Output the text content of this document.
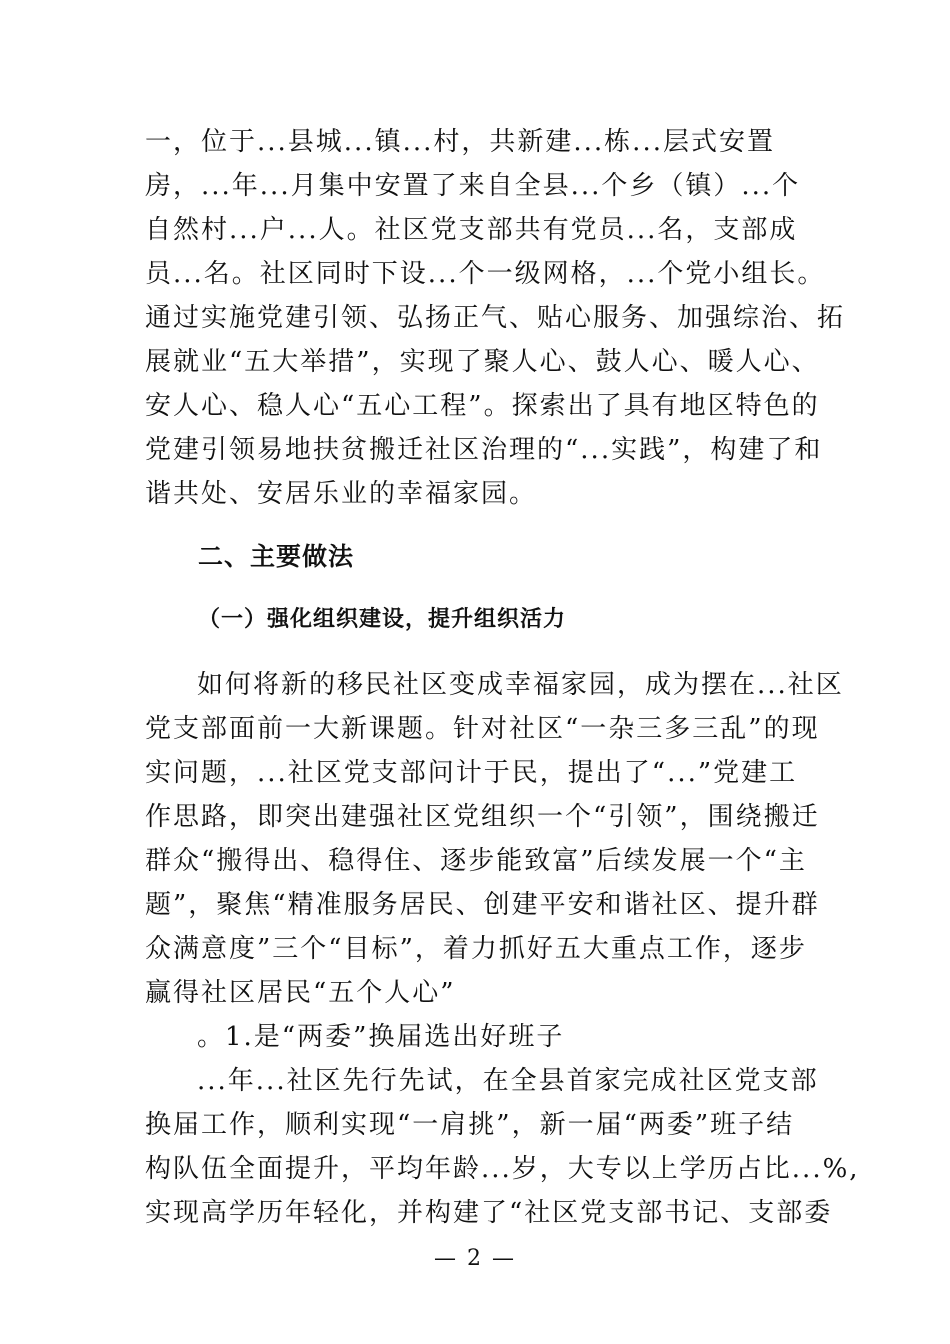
一，位于...县城...镇...村，共新建...栋...层式安置

房，...年...月集中安置了来自全县...个乡（镇）...个

自然村...户...人。社区党支部共有党员...名，支部成

员...名。社区同时下设...个一级网格，...个党小组长。

通过实施党建引领、弘扬正气、贴心服务、加强综治、拓

展就业“五大举措”，实现了聚人心、鼓人心、暖人心、

安人心、稳人心“五心工程”。探索出了具有地区特色的

党建引领易地扶贫搬迁社区治理的“...实践”，构建了和

谐共处、安居乐业的幸福家园。

二、主要做法
（一）强化组织建设，提升组织活力

如何将新的移民社区变成幸福家园，成为摆在...社区

党支部面前一大新课题。针对社区“一杂三多三乱”的现

实问题，...社区党支部问计于民，提出了“...”党建工

作思路，即突出建强社区党组织一个“引领”，围绕搬迁

群众“搬得出、稳得住、逐步能致富”后续发展一个“主

题”，聚焦“精准服务居民、创建平安和谐社区、提升群

众满意度”三个“目标”，着力抓好五大重点工作，逐步

赢得社区居民“五个人心”

。1.是“两委”换届选出好班子

...年...社区先行先试，在全县首家完成社区党支部

换届工作，顺利实现“一肩挑”，新一届“两委”班子结

构队伍全面提升，平均年龄...岁，大专以上学历占比...%,

实现高学历年轻化，并构建了“社区党支部书记、支部委

— 2 —
